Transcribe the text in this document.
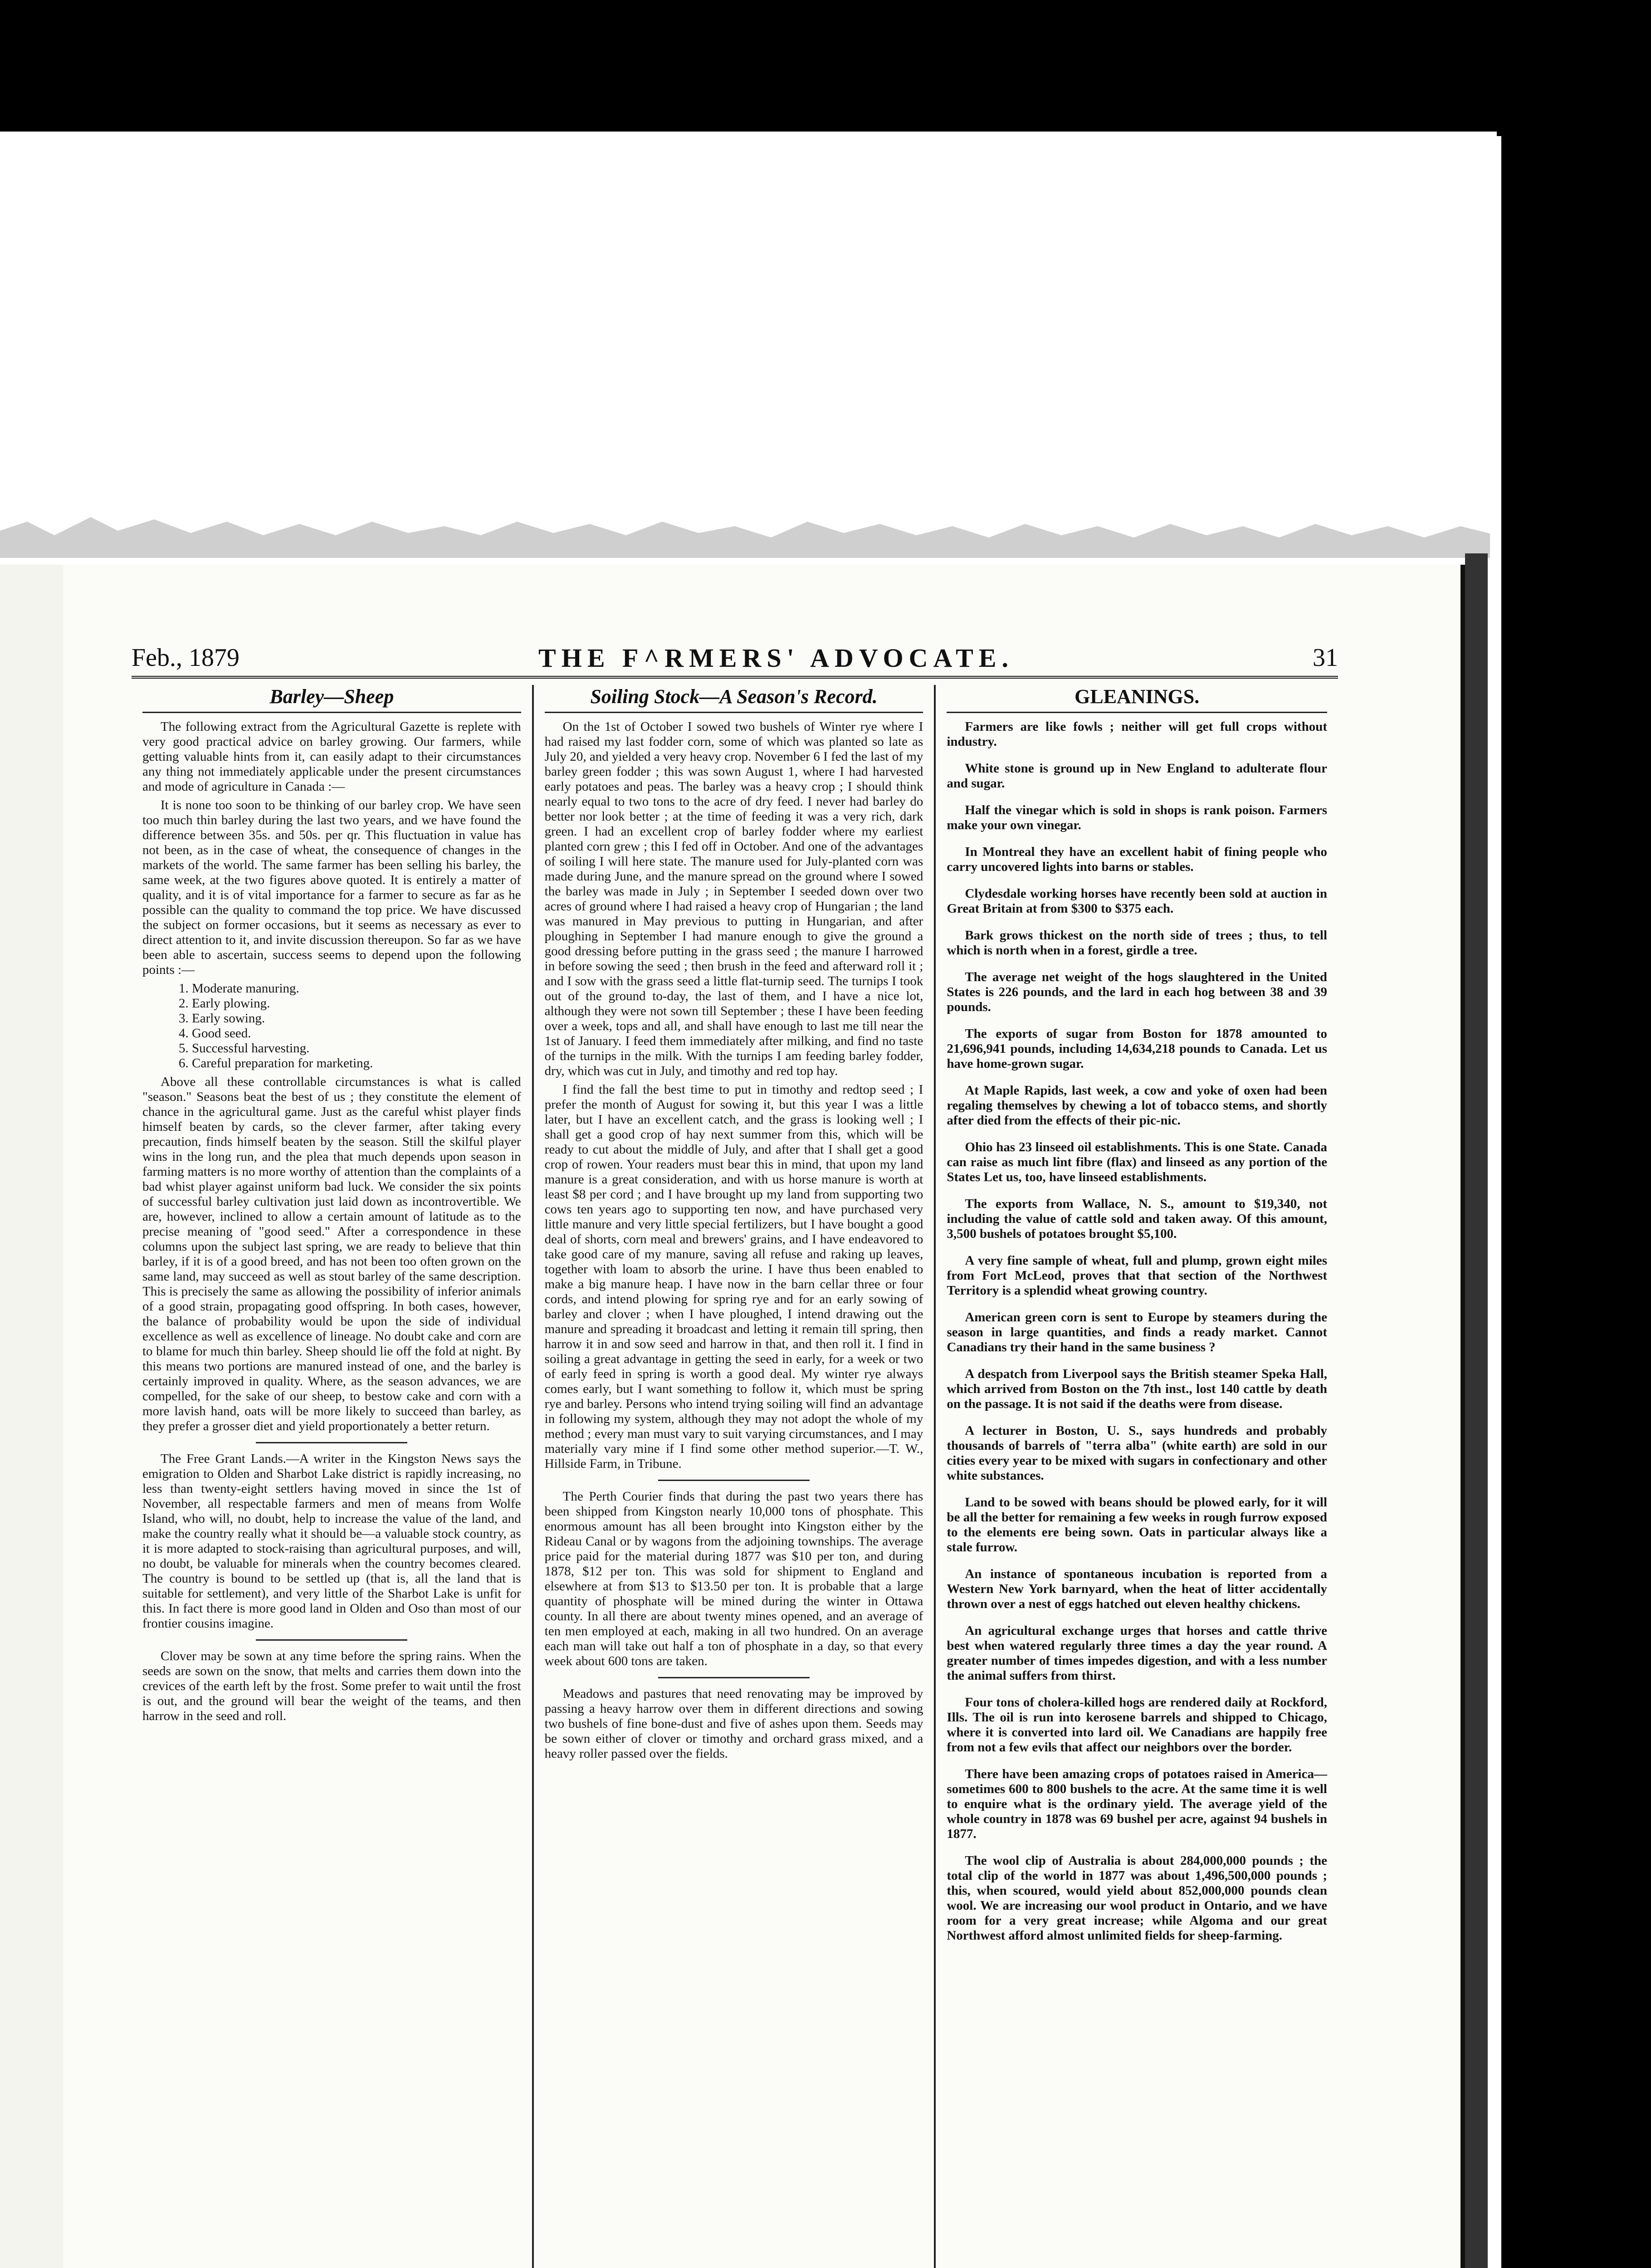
Feb., 1879	THE F^RMERS' ADVOCATE.	31
Barley—Sheep

The following extract from the Agricultural Gazette is replete with very good practical advice on barley growing. Our farmers, while getting valuable hints from it, can easily adapt to their circumstances any thing not immediately applicable under the present circumstances and mode of agriculture in Canada :—

It is none too soon to be thinking of our barley crop. We have seen too much thin barley during the last two years, and we have found the difference between 35s. and 50s. per qr. This fluctuation in value has not been, as in the case of wheat, the consequence of changes in the markets of the world. The same farmer has been selling his barley, the same week, at the two figures above quoted. It is entirely a matter of quality, and it is of vital importance for a farmer to secure as far as he possible can the quality to command the top price. We have discussed the subject on former occasions, but it seems as necessary as ever to direct attention to it, and invite discussion thereupon. So far as we have been able to ascertain, success seems to depend upon the following points :—

1. Moderate manuring.
2. Early plowing.
3. Early sowing.
4. Good seed.
5. Successful harvesting.
6. Careful preparation for marketing.

Above all these controllable circumstances is what is called "season." Seasons beat the best of us ; they constitute the element of chance in the agricultural game. Just as the careful whist player finds himself beaten by cards, so the clever farmer, after taking every precaution, finds himself beaten by the season. Still the skilful player wins in the long run, and the plea that much depends upon season in farming matters is no more worthy of attention than the complaints of a bad whist player against uniform bad luck. We consider the six points of successful barley cultivation just laid down as incontrovertible. We are, however, inclined to allow a certain amount of latitude as to the precise meaning of "good seed." After a correspondence in these columns upon the subject last spring, we are ready to believe that thin barley, if it is of a good breed, and has not been too often grown on the same land, may succeed as well as stout barley of the same description. This is precisely the same as allowing the possibility of inferior animals of a good strain, propagating good offspring. In both cases, however, the balance of probability would be upon the side of individual excellence as well as excellence of lineage. No doubt cake and corn are to blame for much thin barley. Sheep should lie off the fold at night. By this means two portions are manured instead of one, and the barley is certainly improved in quality. Where, as the season advances, we are compelled, for the sake of our sheep, to bestow cake and corn with a more lavish hand, oats will be more likely to succeed than barley, as they prefer a grosser diet and yield proportionately a better return.

The Free Grant Lands.—A writer in the Kingston News says the emigration to Olden and Sharbot Lake district is rapidly increasing, no less than twenty-eight settlers having moved in since the 1st of November, all respectable farmers and men of means from Wolfe Island, who will, no doubt, help to increase the value of the land, and make the country really what it should be—a valuable stock country, as it is more adapted to stock-raising than agricultural purposes, and will, no doubt, be valuable for minerals when the country becomes cleared. The country is bound to be settled up (that is, all the land that is suitable for settlement), and very little of the Sharbot Lake is unfit for this. In fact there is more good land in Olden and Oso than most of our frontier cousins imagine.

Clover may be sown at any time before the spring rains. When the seeds are sown on the snow, that melts and carries them down into the crevices of the earth left by the frost. Some prefer to wait until the frost is out, and the ground will bear the weight of the teams, and then harrow in the seed and roll.

Soiling Stock—A Season's Record.

On the 1st of October I sowed two bushels of Winter rye where I had raised my last fodder corn, some of which was planted so late as July 20, and yielded a very heavy crop. November 6 I fed the last of my barley green fodder ; this was sown August 1, where I had harvested early potatoes and peas. The barley was a heavy crop ; I should think nearly equal to two tons to the acre of dry feed. I never had barley do better nor look better ; at the time of feeding it was a very rich, dark green. I had an excellent crop of barley fodder where my earliest planted corn grew ; this I fed off in October. And one of the advantages of soiling I will here state. The manure used for July-planted corn was made during June, and the manure spread on the ground where I sowed the barley was made in July ; in September I seeded down over two acres of ground where I had raised a heavy crop of Hungarian ; the land was manured in May previous to putting in Hungarian, and after ploughing in September I had manure enough to give the ground a good dressing before putting in the grass seed ; the manure I harrowed in before sowing the seed ; then brush in the feed and afterward roll it ; and I sow with the grass seed a little flat-turnip seed. The turnips I took out of the ground to-day, the last of them, and I have a nice lot, although they were not sown till September ; these I have been feeding over a week, tops and all, and shall have enough to last me till near the 1st of January. I feed them immediately after milking, and find no taste of the turnips in the milk. With the turnips I am feeding barley fodder, dry, which was cut in July, and timothy and red top hay.

I find the fall the best time to put in timothy and redtop seed ; I prefer the month of August for sowing it, but this year I was a little later, but I have an excellent catch, and the grass is looking well ; I shall get a good crop of hay next summer from this, which will be ready to cut about the middle of July, and after that I shall get a good crop of rowen. Your readers must bear this in mind, that upon my land manure is a great consideration, and with us horse manure is worth at least $8 per cord ; and I have brought up my land from supporting two cows ten years ago to supporting ten now, and have purchased very little manure and very little special fertilizers, but I have bought a good deal of shorts, corn meal and brewers' grains, and I have endeavored to take good care of my manure, saving all refuse and raking up leaves, together with loam to absorb the urine. I have thus been enabled to make a big manure heap. I have now in the barn cellar three or four cords, and intend plowing for spring rye and for an early sowing of barley and clover ; when I have ploughed, I intend drawing out the manure and spreading it broadcast and letting it remain till spring, then harrow it in and sow seed and harrow in that, and then roll it. I find in soiling a great advantage in getting the seed in early, for a week or two of early feed in spring is worth a good deal. My winter rye always comes early, but I want something to follow it, which must be spring rye and barley. Persons who intend trying soiling will find an advantage in following my system, although they may not adopt the whole of my method ; every man must vary to suit varying circumstances, and I may materially vary mine if I find some other method superior.—T. W., Hillside Farm, in Tribune.

The Perth Courier finds that during the past two years there has been shipped from Kingston nearly 10,000 tons of phosphate. This enormous amount has all been brought into Kingston either by the Rideau Canal or by wagons from the adjoining townships. The average price paid for the material during 1877 was $10 per ton, and during 1878, $12 per ton. This was sold for shipment to England and elsewhere at from $13 to $13.50 per ton. It is probable that a large quantity of phosphate will be mined during the winter in Ottawa county. In all there are about twenty mines opened, and an average of ten men employed at each, making in all two hundred. On an average each man will take out half a ton of phosphate in a day, so that every week about 600 tons are taken.

Meadows and pastures that need renovating may be improved by passing a heavy harrow over them in different directions and sowing two bushels of fine bone-dust and five of ashes upon them. Seeds may be sown either of clover or timothy and orchard grass mixed, and a heavy roller passed over the fields.

GLEANINGS.

Farmers are like fowls ; neither will get full crops without industry.

White stone is ground up in New England to adulterate flour and sugar.

Half the vinegar which is sold in shops is rank poison. Farmers make your own vinegar.

In Montreal they have an excellent habit of fining people who carry uncovered lights into barns or stables.

Clydesdale working horses have recently been sold at auction in Great Britain at from $300 to $375 each.

Bark grows thickest on the north side of trees ; thus, to tell which is north when in a forest, girdle a tree.

The average net weight of the hogs slaughtered in the United States is 226 pounds, and the lard in each hog between 38 and 39 pounds.

The exports of sugar from Boston for 1878 amounted to 21,696,941 pounds, including 14,634,218 pounds to Canada. Let us have home-grown sugar.

At Maple Rapids, last week, a cow and yoke of oxen had been regaling themselves by chewing a lot of tobacco stems, and shortly after died from the effects of their pic-nic.

Ohio has 23 linseed oil establishments. This is one State. Canada can raise as much lint fibre (flax) and linseed as any portion of the States Let us, too, have linseed establishments.

The exports from Wallace, N. S., amount to $19,340, not including the value of cattle sold and taken away. Of this amount, 3,500 bushels of potatoes brought $5,100.

A very fine sample of wheat, full and plump, grown eight miles from Fort McLeod, proves that that section of the Northwest Territory is a splendid wheat growing country.

American green corn is sent to Europe by steamers during the season in large quantities, and finds a ready market. Cannot Canadians try their hand in the same business ?

A despatch from Liverpool says the British steamer Speka Hall, which arrived from Boston on the 7th inst., lost 140 cattle by death on the passage. It is not said if the deaths were from disease.

A lecturer in Boston, U. S., says hundreds and probably thousands of barrels of "terra alba" (white earth) are sold in our cities every year to be mixed with sugars in confectionary and other white substances.

Land to be sowed with beans should be plowed early, for it will be all the better for remaining a few weeks in rough furrow exposed to the elements ere being sown. Oats in particular always like a stale furrow.

An instance of spontaneous incubation is reported from a Western New York barnyard, when the heat of litter accidentally thrown over a nest of eggs hatched out eleven healthy chickens.

An agricultural exchange urges that horses and cattle thrive best when watered regularly three times a day the year round. A greater number of times impedes digestion, and with a less number the animal suffers from thirst.

Four tons of cholera-killed hogs are rendered daily at Rockford, Ills. The oil is run into kerosene barrels and shipped to Chicago, where it is converted into lard oil. We Canadians are happily free from not a few evils that affect our neighbors over the border.

There have been amazing crops of potatoes raised in America—sometimes 600 to 800 bushels to the acre. At the same time it is well to enquire what is the ordinary yield. The average yield of the whole country in 1878 was 69 bushel per acre, against 94 bushels in 1877.

The wool clip of Australia is about 284,000,000 pounds ; the total clip of the world in 1877 was about 1,496,500,000 pounds ; this, when scoured, would yield about 852,000,000 pounds clean wool. We are increasing our wool product in Ontario, and we have room for a very great increase; while Algoma and our great Northwest afford almost unlimited fields for sheep-farming.
